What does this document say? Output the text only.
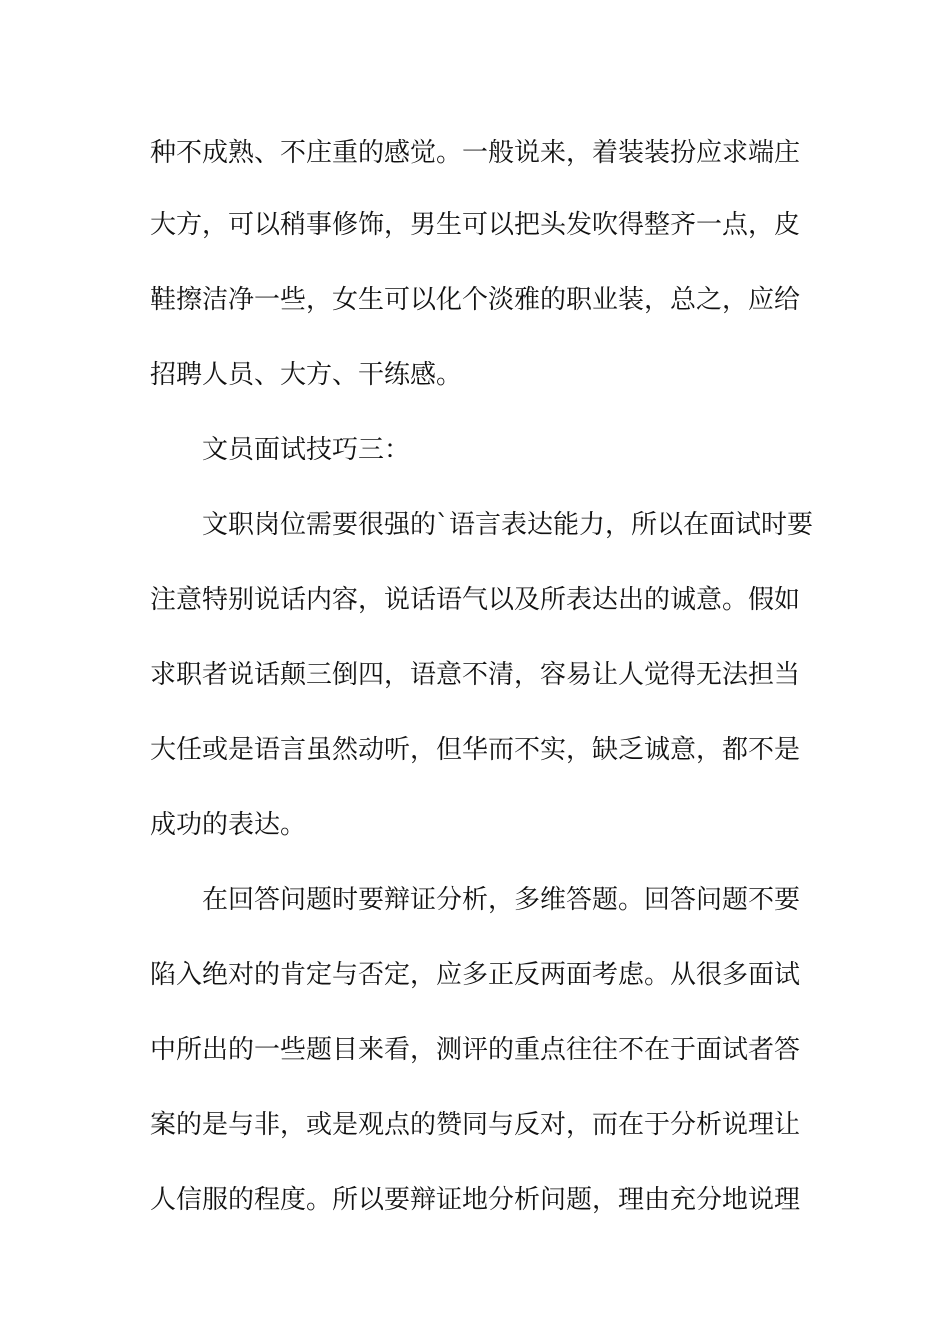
种不成熟、不庄重的感觉。一般说来，着装装扮应求端庄
大方，可以稍事修饰，男生可以把头发吹得整齐一点，皮
鞋擦洁净一些，女生可以化个淡雅的职业装，总之，应给
招聘人员、大方、干练感。
文员面试技巧三：
文职岗位需要很强的`语言表达能力，所以在面试时要
注意特别说话内容，说话语气以及所表达出的诚意。假如
求职者说话颠三倒四，语意不清，容易让人觉得无法担当
大任或是语言虽然动听，但华而不实，缺乏诚意，都不是
成功的表达。
在回答问题时要辩证分析，多维答题。回答问题不要
陷入绝对的肯定与否定，应多正反两面考虑。从很多面试
中所出的一些题目来看，测评的重点往往不在于面试者答
案的是与非，或是观点的赞同与反对，而在于分析说理让
人信服的程度。所以要辩证地分析问题，理由充分地说理
